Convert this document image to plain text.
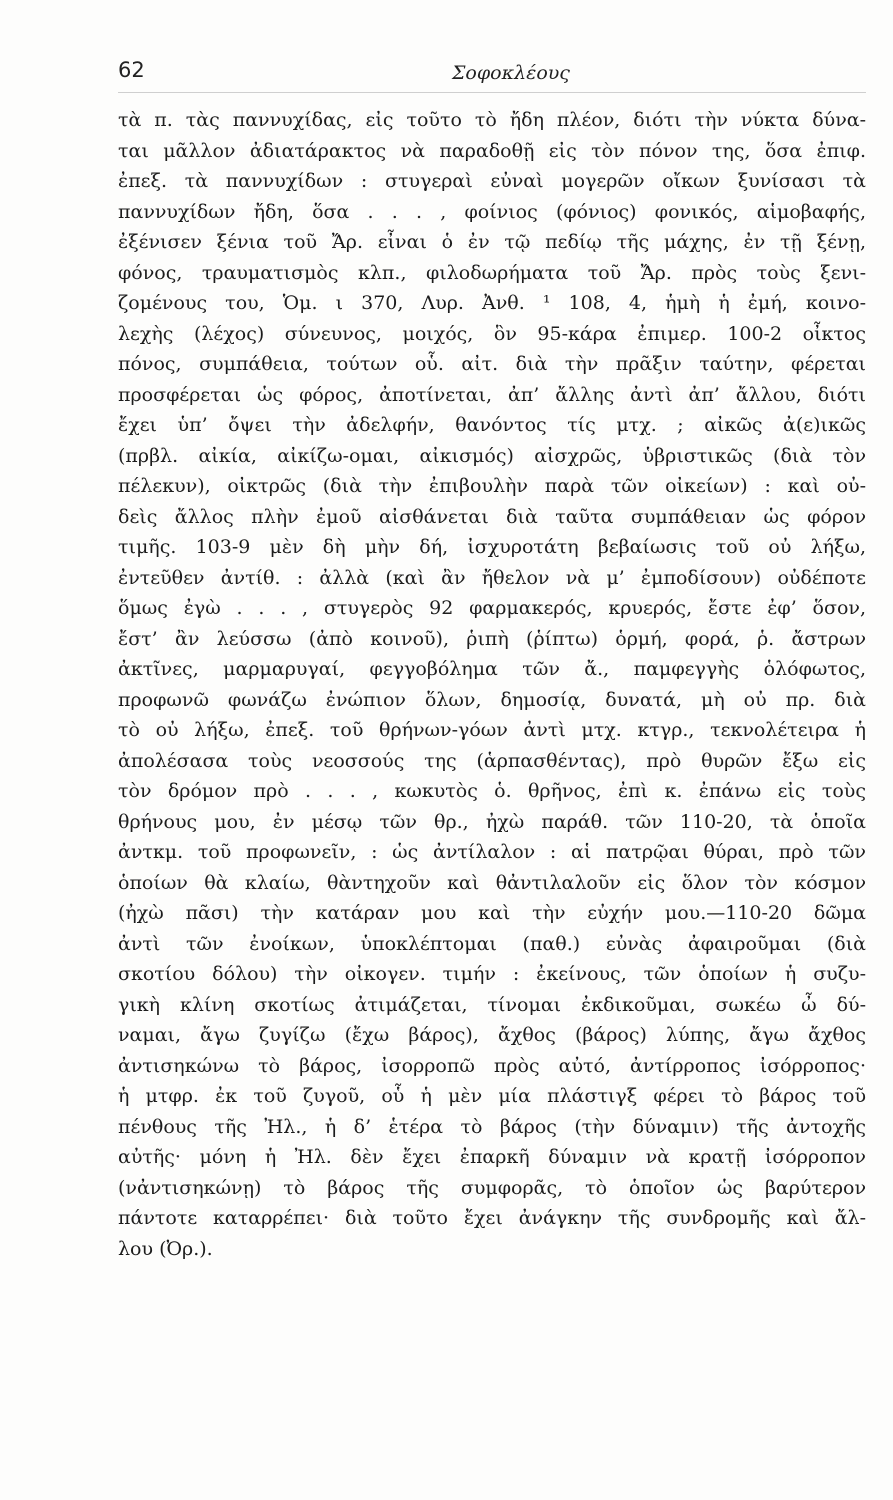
62	Σοφοκλέους
τὰ π. τὰς παννυχίδας, εἰς τοῦτο τὸ ἤδη πλέον, διότι τὴν νύκτα δύνα-
ται μᾶλλον ἀδιατάρακτος νὰ παραδοθῇ εἰς τὸν πόνον της, ὅσα ἐπιφ.
ἐπεξ. τὰ παννυχίδων : στυγεραὶ εὐναὶ μογερῶν οἴκων ξυνίσασι τὰ
παννυχίδων ἤδη, ὅσα . . . , φοίνιος (φόνιος) φονικός, αἱμοβαφής,
ἐξένισεν ξένια τοῦ Ἄρ. εἶναι ὁ ἐν τῷ πεδίῳ τῆς μάχης, ἐν τῇ ξένῃ,
φόνος, τραυματισμὸς κλπ., φιλοδωρήματα τοῦ Ἄρ. πρὸς τοὺς ξενι-
ζομένους του, Ὁμ. ι 370, Λυρ. Ἀνθ. ¹ 108, 4, ἡμὴ ἡ ἐμή, κοινο-
λεχὴς (λέχος) σύνευνος, μοιχός, ὃν 95-κάρα ἐπιμερ. 100-2 οἶκτος
πόνος, συμπάθεια, τούτων οὗ. αἰτ. διὰ τὴν πρᾶξιν ταύτην, φέρεται
προσφέρεται ὡς φόρος, ἀποτίνεται, ἀπ’ ἄλλης ἀντὶ ἀπ’ ἄλλου, διότι
ἔχει ὑπ’ ὄψει τὴν ἀδελφήν, θανόντος τίς μτχ. ; αἰκῶς ἀ(ε)ικῶς
(πρβλ. αἰκία, αἰκίζω-ομαι, αἰκισμός) αἰσχρῶς, ὑβριστικῶς (διὰ τὸν
πέλεκυν), οἰκτρῶς (διὰ τὴν ἐπιβουλὴν παρὰ τῶν οἰκείων) : καὶ οὐ-
δεὶς ἄλλος πλὴν ἐμοῦ αἰσθάνεται διὰ ταῦτα συμπάθειαν ὡς φόρον
τιμῆς. 103-9 μὲν δὴ μὴν δή, ἰσχυροτάτη βεβαίωσις τοῦ οὐ λήξω,
ἐντεῦθεν ἀντίθ. : ἀλλὰ (καὶ ἂν ἤθελον νὰ μ’ ἐμποδίσουν) οὐδέποτε
ὅμως ἐγὼ . . . , στυγερὸς 92 φαρμακερός, κρυερός, ἔστε ἐφ’ ὅσον,
ἔστ’ ἂν λεύσσω (ἀπὸ κοινοῦ), ῥιπὴ (ῥίπτω) ὁρμή, φορά, ῥ. ἄστρων
ἀκτῖνες, μαρμαρυγαί, φεγγοβόλημα τῶν ἄ., παμφεγγὴς ὁλόφωτος,
προφωνῶ φωνάζω ἐνώπιον ὅλων, δημοσίᾳ, δυνατά, μὴ οὐ πρ. διὰ
τὸ οὐ λήξω, ἐπεξ. τοῦ θρήνων-γόων ἀντὶ μτχ. κτγρ., τεκνολέτειρα ἡ
ἀπολέσασα τοὺς νεοσσούς της (ἁρπασθέντας), πρὸ θυρῶν ἔξω εἰς
τὸν δρόμον πρὸ . . . , κωκυτὸς ὁ. θρῆνος, ἐπὶ κ. ἐπάνω εἰς τοὺς
θρήνους μου, ἐν μέσῳ τῶν θρ., ἠχὼ παράθ. τῶν 110-20, τὰ ὁποῖα
ἀντκμ. τοῦ προφωνεῖν, : ὡς ἀντίλαλον : αἱ πατρῷαι θύραι, πρὸ τῶν
ὁποίων θὰ κλαίω, θὰντηχοῦν καὶ θἀντιλαλοῦν εἰς ὅλον τὸν κόσμον
(ἠχὼ πᾶσι) τὴν κατάραν μου καὶ τὴν εὐχήν μου.—110-20 δῶμα
ἀντὶ τῶν ἐνοίκων, ὑποκλέπτομαι (παθ.) εὐνὰς ἀφαιροῦμαι (διὰ
σκοτίου δόλου) τὴν οἰκογεν. τιμήν : ἐκείνους, τῶν ὁποίων ἡ συζυ-
γικὴ κλίνη σκοτίως ἀτιμάζεται, τίνομαι ἐκδικοῦμαι, σωκέω ὦ δύ-
ναμαι, ἄγω ζυγίζω (ἔχω βάρος), ἄχθος (βάρος) λύπης, ἄγω ἄχθος
ἀντισηκώνω τὸ βάρος, ἰσορροπῶ πρὸς αὐτό, ἀντίρροπος ἰσόρροπος·
ἡ μτφρ. ἐκ τοῦ ζυγοῦ, οὗ ἡ μὲν μία πλάστιγξ φέρει τὸ βάρος τοῦ
πένθους τῆς Ἠλ., ἡ δ’ ἑτέρα τὸ βάρος (τὴν δύναμιν) τῆς ἀντοχῆς
αὐτῆς· μόνη ἡ Ἠλ. δὲν ἔχει ἐπαρκῆ δύναμιν νὰ κρατῇ ἰσόρροπον
(νἀντισηκώνῃ) τὸ βάρος τῆς συμφορᾶς, τὸ ὁποῖον ὡς βαρύτερον
πάντοτε καταρρέπει· διὰ τοῦτο ἔχει ἀνάγκην τῆς συνδρομῆς καὶ ἄλ-
λου (Ὀρ.).
